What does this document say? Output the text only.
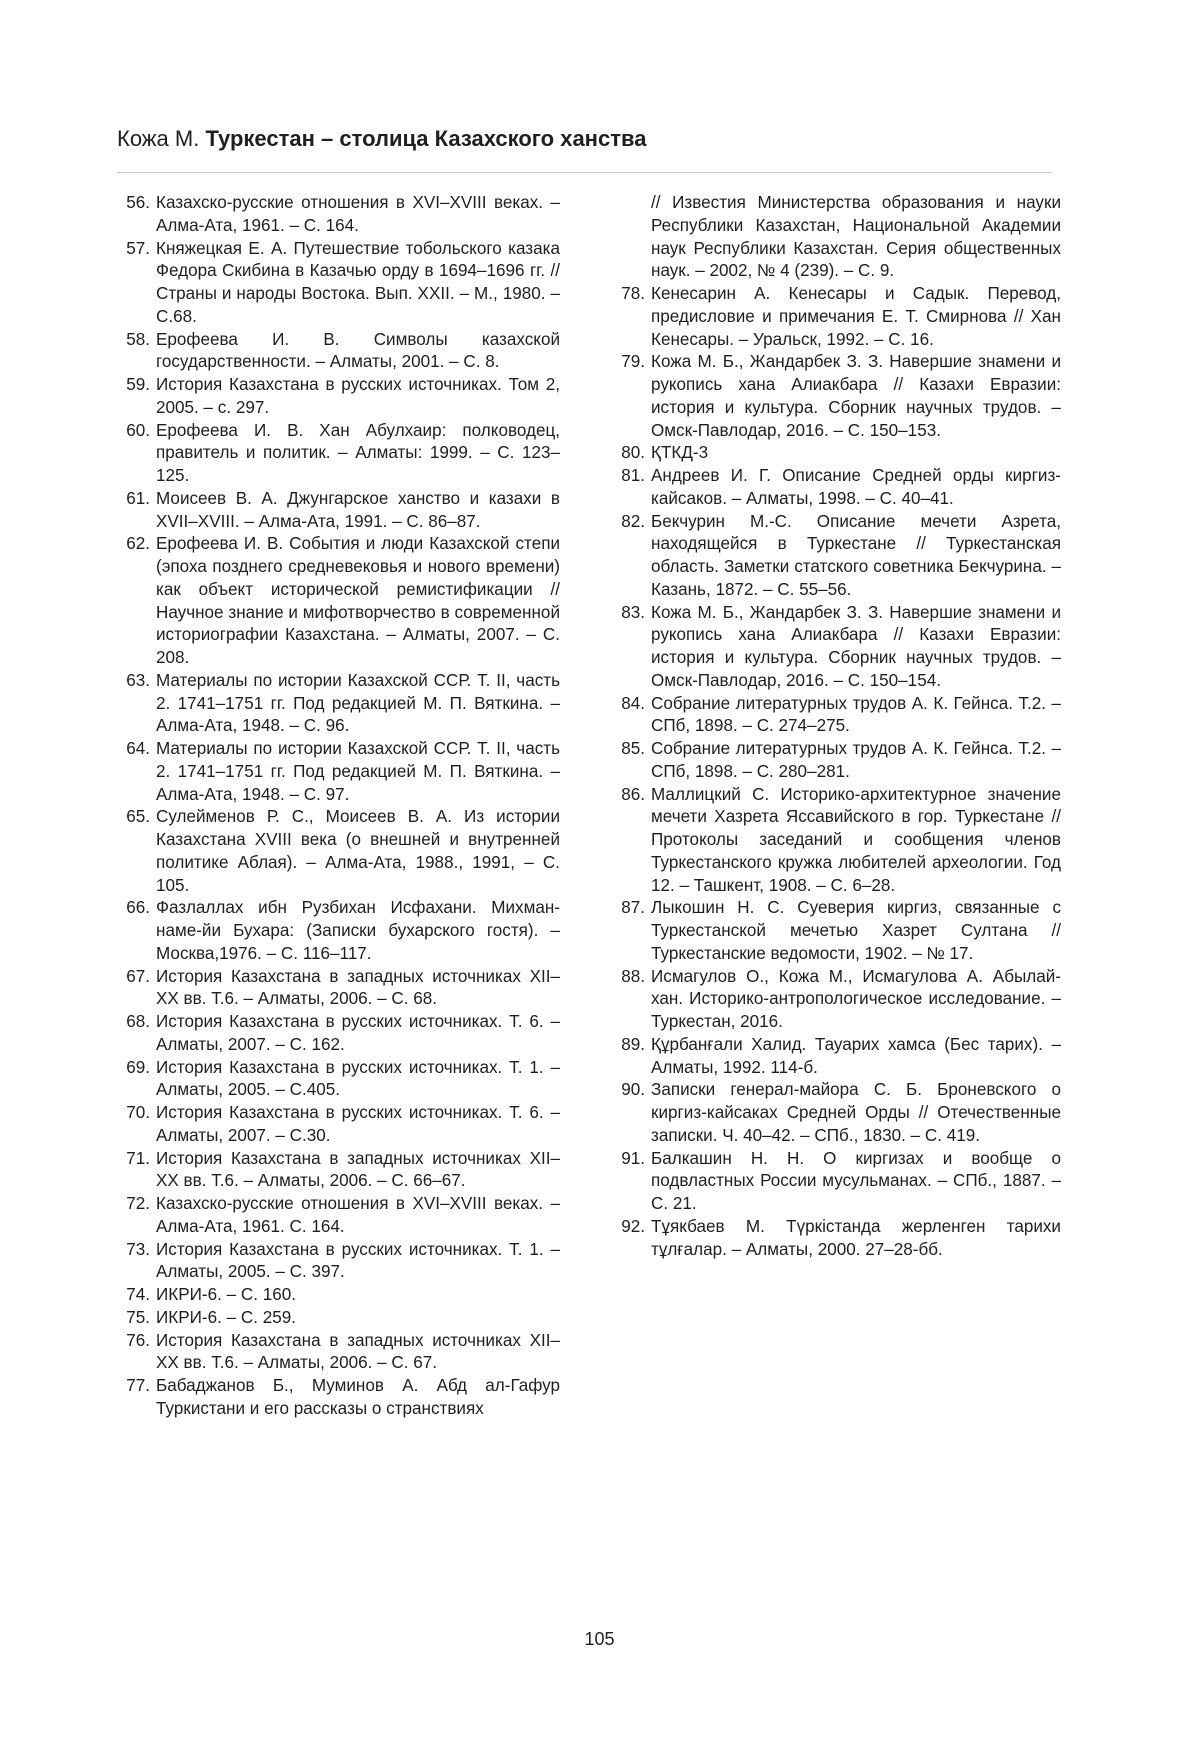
Кожа М. Туркестан – столица Казахского ханства
56. Казахско-русские отношения в XVI–XVIII веках. – Алма-Ата, 1961. – С. 164.
57. Княжецкая Е. А. Путешествие тобольского казака Федора Скибина в Казачью орду в 1694–1696 гг. // Страны и народы Востока. Вып. XXII. – М., 1980. – С.68.
58. Ерофеева И. В. Символы казахской государственности. – Алматы, 2001. – С. 8.
59. История Казахстана в русских источниках. Том 2, 2005. – с. 297.
60. Ерофеева И. В. Хан Абулхаир: полководец, правитель и политик. – Алматы: 1999. – С. 123–125.
61. Моисеев В. А. Джунгарское ханство и казахи в XVII–XVIII. – Алма-Ата, 1991. – С. 86–87.
62. Ерофеева И. В. События и люди Казахской степи (эпоха позднего средневековья и нового времени) как объект исторической ремистификации // Научное знание и мифотворчество в современной историографии Казахстана. – Алматы, 2007. – С. 208.
63. Материалы по истории Казахской ССР. Т. II, часть 2. 1741–1751 гг. Под редакцией М. П. Вяткина. – Алма-Ата, 1948. – С. 96.
64. Материалы по истории Казахской ССР. Т. II, часть 2. 1741–1751 гг. Под редакцией М. П. Вяткина. – Алма-Ата, 1948. – С. 97.
65. Сулейменов Р. С., Моисеев В. А. Из истории Казахстана XVIII века (о внешней и внутренней политике Аблая). – Алма-Ата, 1988., 1991, – С. 105.
66. Фазлаллах ибн Рузбихан Исфахани. Михман-наме-йи Бухара: (Записки бухарского гостя). – Москва,1976. – С. 116–117.
67. История Казахстана в западных источниках XII–XX вв. Т.6. – Алматы, 2006. – С. 68.
68. История Казахстана в русских источниках. Т. 6. – Алматы, 2007. – С. 162.
69. История Казахстана в русских источниках. Т. 1. – Алматы, 2005. – С.405.
70. История Казахстана в русских источниках. Т. 6. – Алматы, 2007. – С.30.
71. История Казахстана в западных источниках XII–XX вв. Т.6. – Алматы, 2006. – С. 66–67.
72. Казахско-русские отношения в XVI–XVIII веках. – Алма-Ата, 1961. С. 164.
73. История Казахстана в русских источниках. Т. 1. – Алматы, 2005. – С. 397.
74. ИКРИ-6. – С. 160.
75. ИКРИ-6. – С. 259.
76. История Казахстана в западных источниках XII–XX вв. Т.6. – Алматы, 2006. – С. 67.
77. Бабаджанов Б., Муминов А. Абд ал-Гафур Туркистани и его рассказы о странствиях
// Известия Министерства образования и науки Республики Казахстан, Национальной Академии наук Республики Казахстан. Серия общественных наук. – 2002, № 4 (239). – С. 9.
78. Кенесарин А. Кенесары и Садык. Перевод, предисловие и примечания Е. Т. Смирнова // Хан Кенесары. – Уральск, 1992. – С. 16.
79. Кожа М. Б., Жандарбек З. З. Навершие знамени и рукопись хана Алиакбара // Казахи Евразии: история и культура. Сборник научных трудов. – Омск-Павлодар, 2016. – С. 150–153.
80. ҚТКД-3
81. Андреев И. Г. Описание Средней орды киргиз-кайсаков. – Алматы, 1998. – С. 40–41.
82. Бекчурин М.-С. Описание мечети Азрета, находящейся в Туркестане // Туркестанская область. Заметки статского советника Бекчурина. – Казань, 1872. – С. 55–56.
83. Кожа М. Б., Жандарбек З. З. Навершие знамени и рукопись хана Алиакбара // Казахи Евразии: история и культура. Сборник научных трудов. – Омск-Павлодар, 2016. – С. 150–154.
84. Собрание литературных трудов А. К. Гейнса. Т.2. – СПб, 1898. – С. 274–275.
85. Собрание литературных трудов А. К. Гейнса. Т.2. – СПб, 1898. – С. 280–281.
86. Маллицкий С. Историко-архитектурное значение мечети Хазрета Яссавийского в гор. Туркестане // Протоколы заседаний и сообщения членов Туркестанского кружка любителей археологии. Год 12. – Ташкент, 1908. – С. 6–28.
87. Лыкошин Н. С. Суеверия киргиз, связанные с Туркестанской мечетью Хазрет Султана // Туркестанские ведомости, 1902. – № 17.
88. Исмагулов О., Кожа М., Исмагулова А. Абылай-хан. Историко-антропологическое исследование. – Туркестан, 2016.
89. Құрбанғали Халид. Тауарих хамса (Бес тарих). – Алматы, 1992. 114-б.
90. Записки генерал-майора С. Б. Броневского о киргиз-кайсаках Средней Орды // Отечественные записки. Ч. 40–42. – СПб., 1830. – С. 419.
91. Балкашин Н. Н. О киргизах и вообще о подвластных России мусульманах. – СПб., 1887. – С. 21.
92. Тұякбаев М. Түркістанда жерленген тарихи тұлғалар. – Алматы, 2000. 27–28-бб.
105
